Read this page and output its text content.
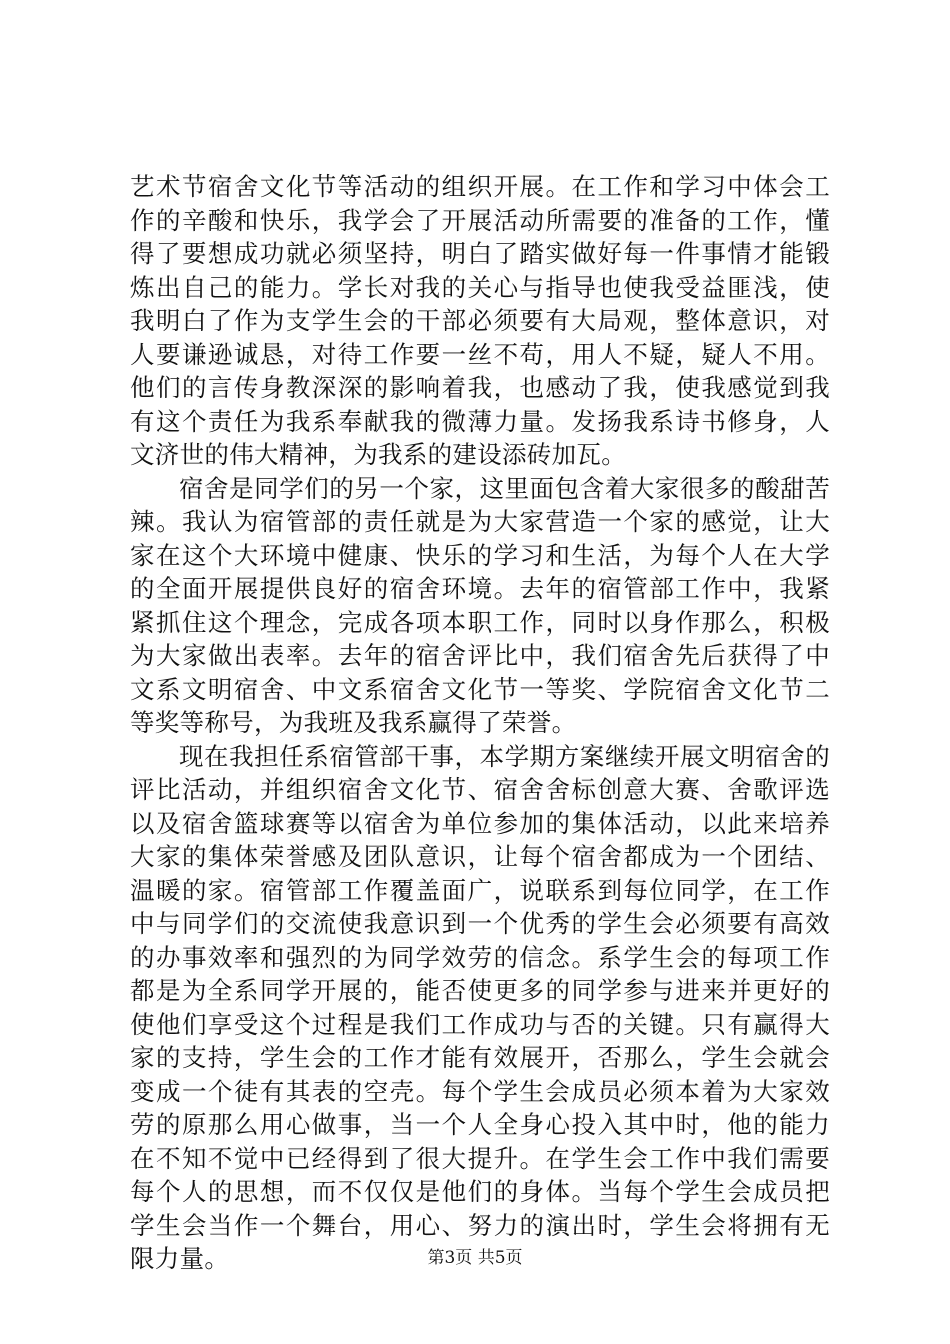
艺术节宿舍文化节等活动的组织开展。在工作和学习中体会工
作的辛酸和快乐，我学会了开展活动所需要的准备的工作，懂
得了要想成功就必须坚持，明白了踏实做好每一件事情才能锻
炼出自己的能力。学长对我的关心与指导也使我受益匪浅，使
我明白了作为支学生会的干部必须要有大局观，整体意识，对
人要谦逊诚恳，对待工作要一丝不苟，用人不疑，疑人不用。
他们的言传身教深深的影响着我，也感动了我，使我感觉到我
有这个责任为我系奉献我的微薄力量。发扬我系诗书修身，人
文济世的伟大精神，为我系的建设添砖加瓦。
宿舍是同学们的另一个家，这里面包含着大家很多的酸甜苦
辣。我认为宿管部的责任就是为大家营造一个家的感觉，让大
家在这个大环境中健康、快乐的学习和生活，为每个人在大学
的全面开展提供良好的宿舍环境。去年的宿管部工作中，我紧
紧抓住这个理念，完成各项本职工作，同时以身作那么，积极
为大家做出表率。去年的宿舍评比中，我们宿舍先后获得了中
文系文明宿舍、中文系宿舍文化节一等奖、学院宿舍文化节二
等奖等称号，为我班及我系赢得了荣誉。
现在我担任系宿管部干事，本学期方案继续开展文明宿舍的
评比活动，并组织宿舍文化节、宿舍舍标创意大赛、舍歌评选
以及宿舍篮球赛等以宿舍为单位参加的集体活动，以此来培养
大家的集体荣誉感及团队意识，让每个宿舍都成为一个团结、
温暖的家。宿管部工作覆盖面广，说联系到每位同学，在工作
中与同学们的交流使我意识到一个优秀的学生会必须要有高效
的办事效率和强烈的为同学效劳的信念。系学生会的每项工作
都是为全系同学开展的，能否使更多的同学参与进来并更好的
使他们享受这个过程是我们工作成功与否的关键。只有赢得大
家的支持，学生会的工作才能有效展开，否那么，学生会就会
变成一个徒有其表的空壳。每个学生会成员必须本着为大家效
劳的原那么用心做事，当一个人全身心投入其中时，他的能力
在不知不觉中已经得到了很大提升。在学生会工作中我们需要
每个人的思想，而不仅仅是他们的身体。当每个学生会成员把
学生会当作一个舞台，用心、努力的演出时，学生会将拥有无
限力量。	第3页 共5页
